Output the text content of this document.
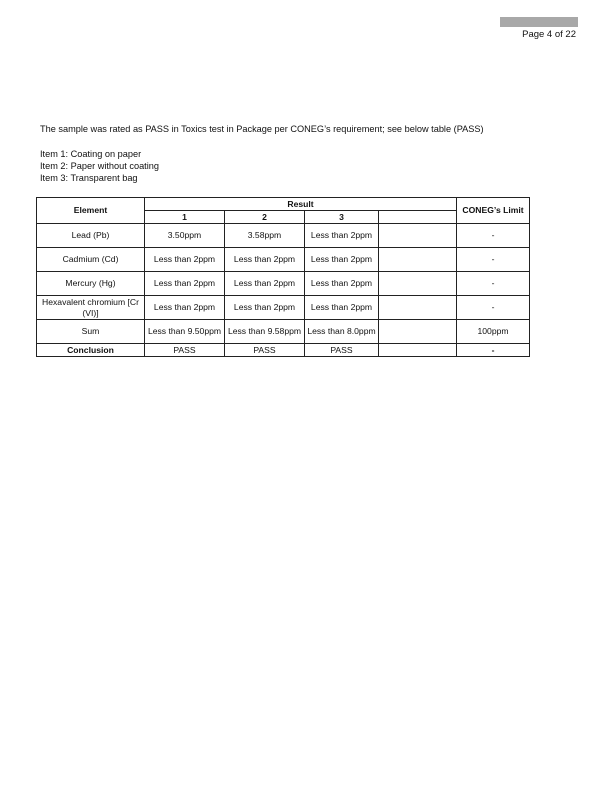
Page 4 of 22
The sample was rated as PASS in Toxics test in Package per CONEG’s requirement; see below table (PASS)
Item 1: Coating on paper
Item 2: Paper without coating
Item 3: Transparent bag
Element	Result				CONEG’s Limit
	1	2	3		
Lead (Pb)	3.50ppm	3.58ppm	Less than 2ppm		-
Cadmium (Cd)	Less than 2ppm	Less than 2ppm	Less than 2ppm		-
Mercury (Hg)	Less than 2ppm	Less than 2ppm	Less than 2ppm		-
Hexavalent chromium [Cr (VI)]	Less than 2ppm	Less than 2ppm	Less than 2ppm		-
Sum	Less than 9.50ppm	Less than 9.58ppm	Less than 8.0ppm		100ppm
Conclusion	PASS	PASS	PASS		-
